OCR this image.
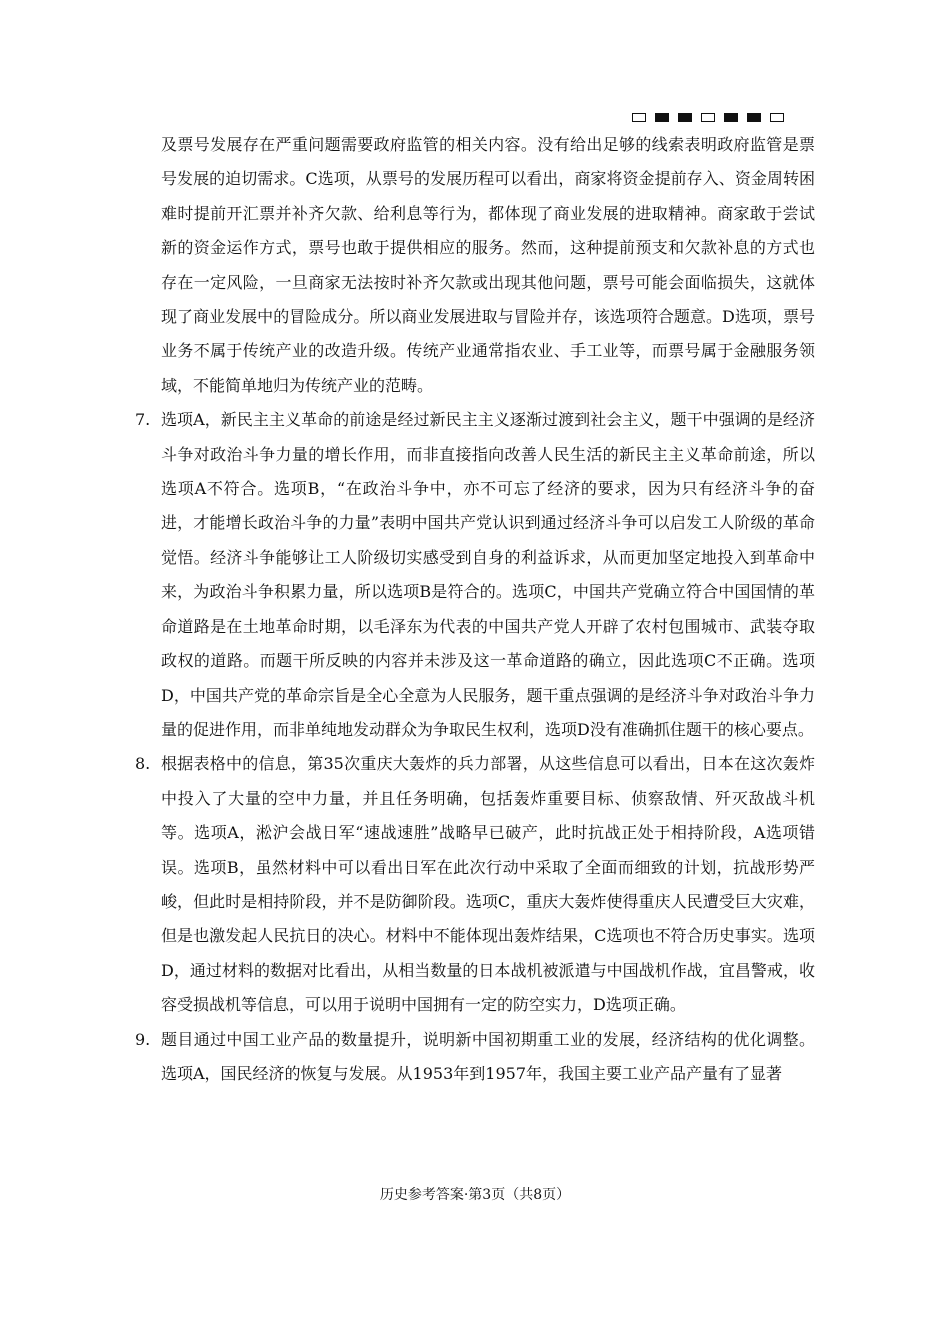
及票号发展存在严重问题需要政府监管的相关内容。没有给出足够的线索表明政府监管是票号发展的迫切需求。C选项，从票号的发展历程可以看出，商家将资金提前存入、资金周转困难时提前开汇票并补齐欠款、给利息等行为，都体现了商业发展的进取精神。商家敢于尝试新的资金运作方式，票号也敢于提供相应的服务。然而，这种提前预支和欠款补息的方式也存在一定风险，一旦商家无法按时补齐欠款或出现其他问题，票号可能会面临损失，这就体现了商业发展中的冒险成分。所以商业发展进取与冒险并存，该选项符合题意。D选项，票号业务不属于传统产业的改造升级。传统产业通常指农业、手工业等，而票号属于金融服务领域，不能简单地归为传统产业的范畴。

7. 选项A，新民主主义革命的前途是经过新民主主义逐渐过渡到社会主义，题干中强调的是经济斗争对政治斗争力量的增长作用，而非直接指向改善人民生活的新民主主义革命前途，所以选项A不符合。选项B，“在政治斗争中，亦不可忘了经济的要求，因为只有经济斗争的奋进，才能增长政治斗争的力量”表明中国共产党认识到通过经济斗争可以启发工人阶级的革命觉悟。经济斗争能够让工人阶级切实感受到自身的利益诉求，从而更加坚定地投入到革命中来，为政治斗争积累力量，所以选项B是符合的。选项C，中国共产党确立符合中国国情的革命道路是在土地革命时期，以毛泽东为代表的中国共产党人开辟了农村包围城市、武装夺取政权的道路。而题干所反映的内容并未涉及这一革命道路的确立，因此选项C不正确。选项D，中国共产党的革命宗旨是全心全意为人民服务，题干重点强调的是经济斗争对政治斗争力量的促进作用，而非单纯地发动群众为争取民生权利，选项D没有准确抓住题干的核心要点。

8. 根据表格中的信息，第35次重庆大轰炸的兵力部署，从这些信息可以看出，日本在这次轰炸中投入了大量的空中力量，并且任务明确，包括轰炸重要目标、侦察敌情、歼灭敌战斗机等。选项A，淞沪会战日军“速战速胜”战略早已破产，此时抗战正处于相持阶段，A选项错误。选项B，虽然材料中可以看出日军在此次行动中采取了全面而细致的计划，抗战形势严峻，但此时是相持阶段，并不是防御阶段。选项C，重庆大轰炸使得重庆人民遭受巨大灾难，但是也激发起人民抗日的决心。材料中不能体现出轰炸结果，C选项也不符合历史事实。选项D，通过材料的数据对比看出，从相当数量的日本战机被派遣与中国战机作战，宜昌警戒，收容受损战机等信息，可以用于说明中国拥有一定的防空实力，D选项正确。

9. 题目通过中国工业产品的数量提升，说明新中国初期重工业的发展，经济结构的优化调整。选项A，国民经济的恢复与发展。从1953年到1957年，我国主要工业产品产量有了显著

历史参考答案·第3页（共8页）
